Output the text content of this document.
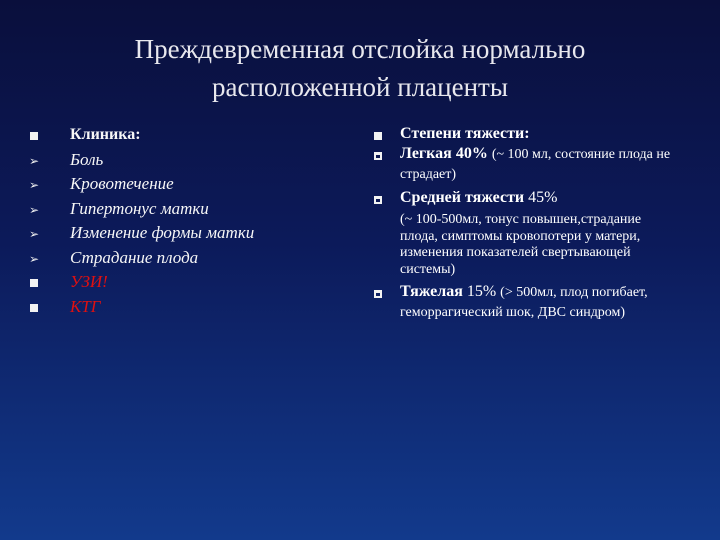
Преждевременная отслойка нормально
расположенной плаценты
Клиника:
➢ Боль
➢ Кровотечение
➢ Гипертонус матки
➢ Изменение формы матки
➢ Страдание плода
УЗИ!
КТГ
Степени тяжести:
Легкая 40% (~ 100 мл, состояние плода не страдает)
Средней тяжести 45%
(~ 100-500мл, тонус повышен,страдание плода, симптомы кровопотери у матери, изменения показателей свертывающей системы)
Тяжелая 15% (> 500мл, плод погибает, геморрагический шок, ДВС синдром)
